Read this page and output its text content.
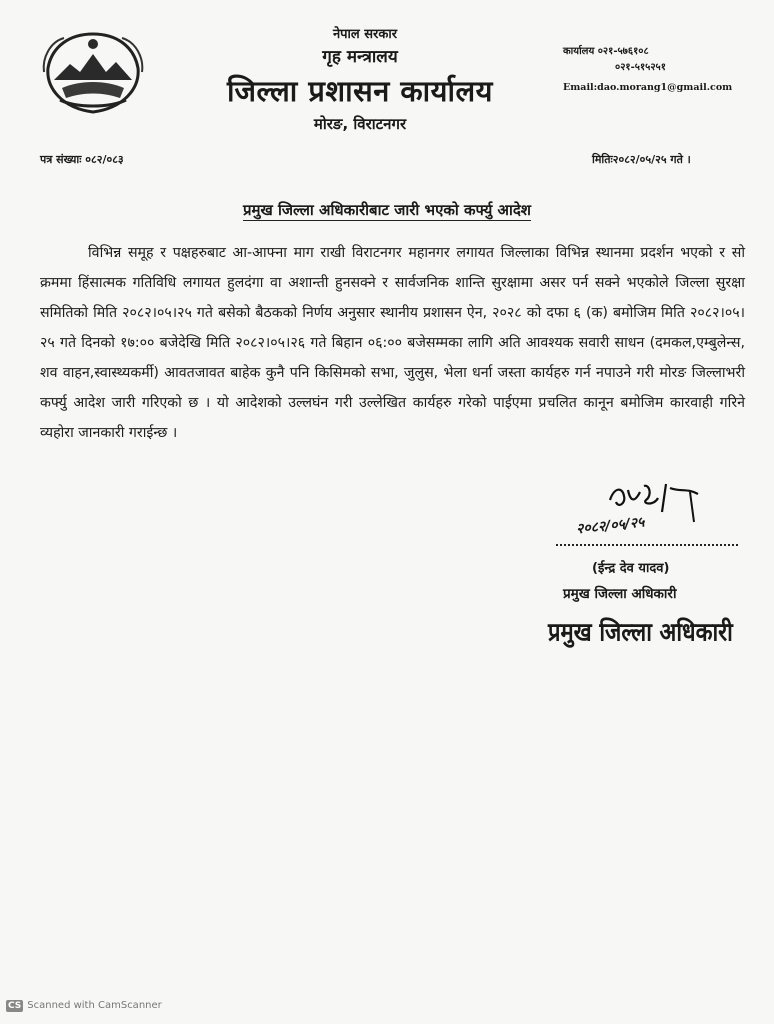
नेपाल सरकार
गृह मन्त्रालय
जिल्ला प्रशासन कार्यालय
मोरङ, विराटनगर
कार्यालय ०२१-५७६१०८
०२१-५१५२५१
Email:dao.morang1@gmail.com
पत्र संख्याः ०८२/०८३	मितिः२०८२/०५/२५ गते ।
प्रमुख जिल्ला अधिकारीबाट जारी भएको कर्फ्यु आदेश

विभिन्न समूह र पक्षहरुबाट आ-आफ्ना माग राखी विराटनगर महानगर लगायत जिल्लाका विभिन्न स्थानमा प्रदर्शन भएको र सो क्रममा हिंसात्मक गतिविधि लगायत हुलदंगा वा अशान्ती हुनसक्ने र सार्वजनिक शान्ति सुरक्षामा असर पर्न सक्ने भएकोले जिल्ला सुरक्षा समितिको मिति २०८२।०५।२५ गते बसेको बैठकको निर्णय अनुसार स्थानीय प्रशासन ऐन, २०२८ को दफा ६ (क) बमोजिम मिति २०८२।०५।२५ गते दिनको १७:०० बजेदेखि मिति २०८२।०५।२६ गते बिहान ०६:०० बजेसम्मका लागि अति आवश्यक सवारी साधन (दमकल,एम्बुलेन्स, शव वाहन,स्वास्थ्यकर्मी) आवतजावत बाहेक कुनै पनि किसिमको सभा, जुलुस, भेला धर्ना जस्ता कार्यहरु गर्न नपाउने गरी मोरङ जिल्लाभरी कर्फ्यु आदेश जारी गरिएको छ । यो आदेशको उल्लघंन गरी उल्लेखित कार्यहरु गरेको पाईएमा प्रचलित कानून बमोजिम कारवाही गरिने व्यहोरा जानकारी गराईन्छ ।

२०८२/०५/२५
(ईन्द्र देव यादव)
प्रमुख जिल्ला अधिकारी
प्रमुख जिल्ला अधिकारी
CS Scanned with CamScanner
